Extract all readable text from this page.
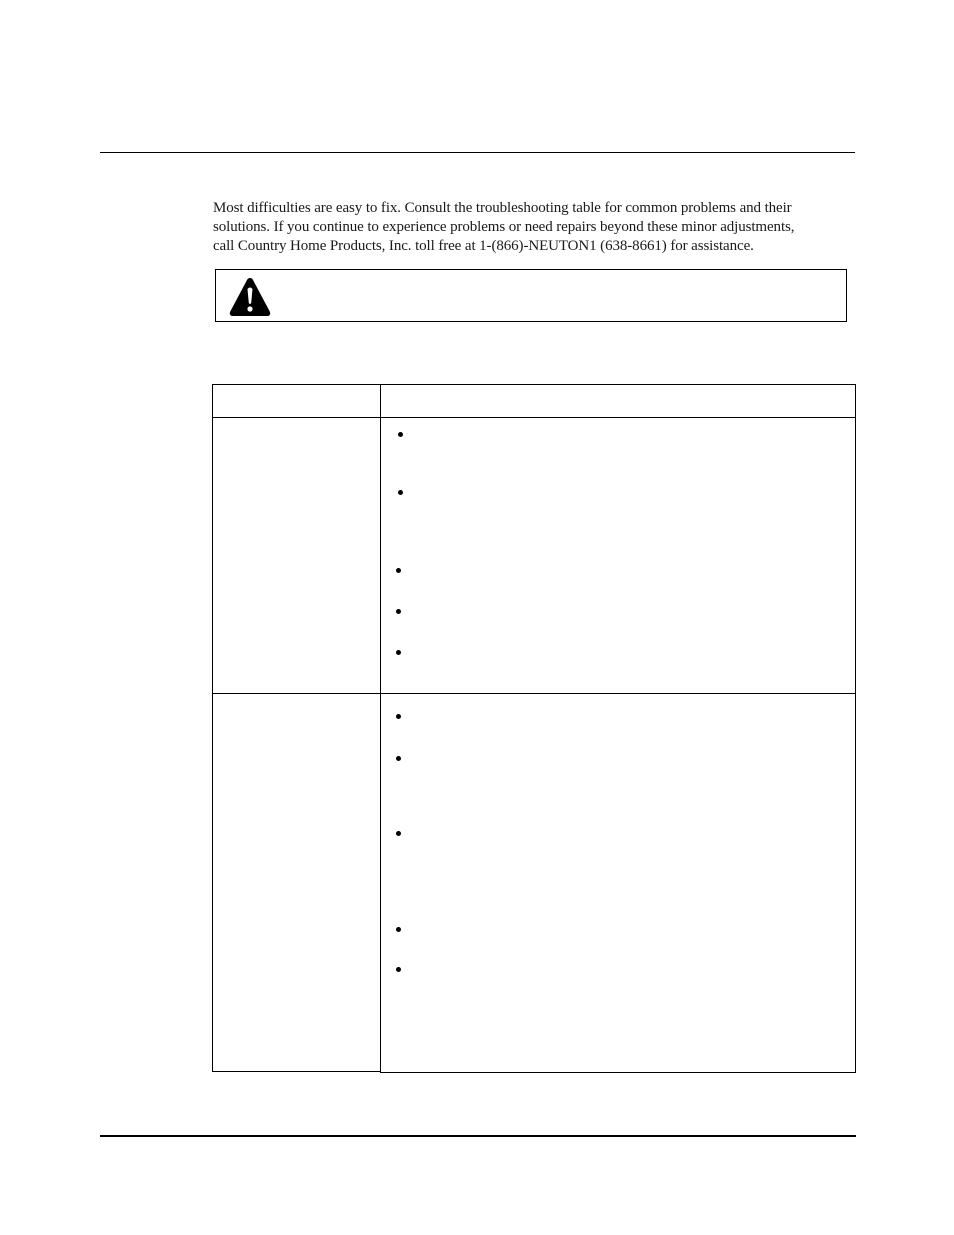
Most difficulties are easy to fix. Consult the troubleshooting table for common problems and their
solutions. If you continue to experience problems or need repairs beyond these minor adjustments,
call Country Home Products, Inc. toll free at 1-(866)-NEUTON1 (638-8661) for assistance.
